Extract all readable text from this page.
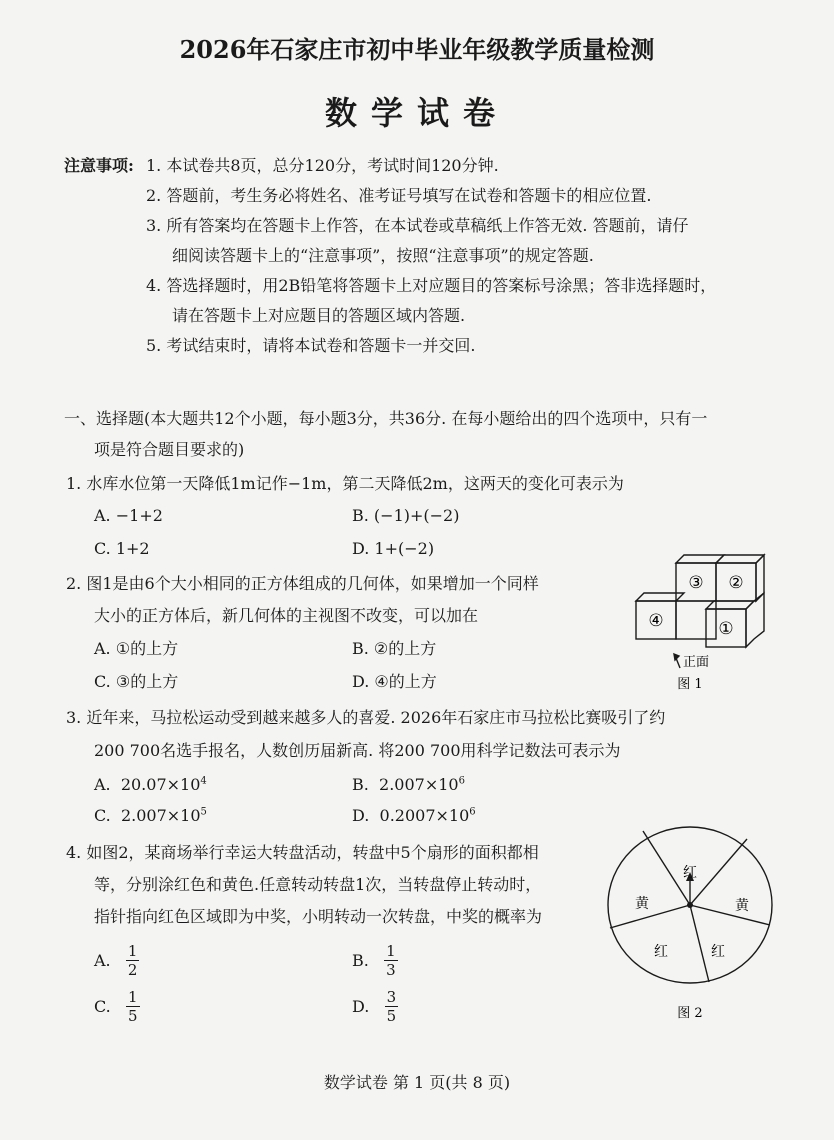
2026年石家庄市初中毕业年级教学质量检测
数学试卷
注意事项: 1. 本试卷共8页，总分120分，考试时间120分钟.
2. 答题前，考生务必将姓名、准考证号填写在试卷和答题卡的相应位置.
3. 所有答案均在答题卡上作答，在本试卷或草稿纸上作答无效. 答题前，请仔
细阅读答题卡上的“注意事项”，按照“注意事项”的规定答题.
4. 答选择题时，用2B铅笔将答题卡上对应题目的答案标号涂黑；答非选择题时，
请在答题卡上对应题目的答题区域内答题.
5. 考试结束时，请将本试卷和答题卡一并交回.
一、选择题(本大题共12个小题，每小题3分，共36分. 在每小题给出的四个选项中，只有一
项是符合题目要求的)
1. 水库水位第一天降低1m记作−1m，第二天降低2m，这两天的变化可表示为
A. −1+2	B. (−1)+(−2)
C. 1+2	D. 1+(−2)
2. 图1是由6个大小相同的正方体组成的几何体，如果增加一个同样
大小的正方体后，新几何体的主视图不改变，可以加在
A. ①的上方	B. ②的上方
C. ③的上方	D. ④的上方
③ ②
④	①
正面
图 1
3. 近年来，马拉松运动受到越来越多人的喜爱. 2026年石家庄市马拉松比赛吸引了约
200 700名选手报名，人数创历届新高. 将200 700用科学记数法可表示为
A. $20.07\times 10^4$	B. $2.007\times 10^6$
C. $2.007\times 10^5$	D. $0.2007\times 10^6$
4. 如图2，某商场举行幸运大转盘活动，转盘中5个扇形的面积都相
等，分别涂红色和黄色.任意转动转盘1次，当转盘停止转动时，
指针指向红色区域即为中奖，小明转动一次转盘，中奖的概率为
A. $\frac{1}{2}$	B. $\frac{1}{3}$
C. $\frac{1}{5}$	D. $\frac{3}{5}$
红
黄
红
红
黄
图 2
数学试卷 第 1 页(共 8 页)
